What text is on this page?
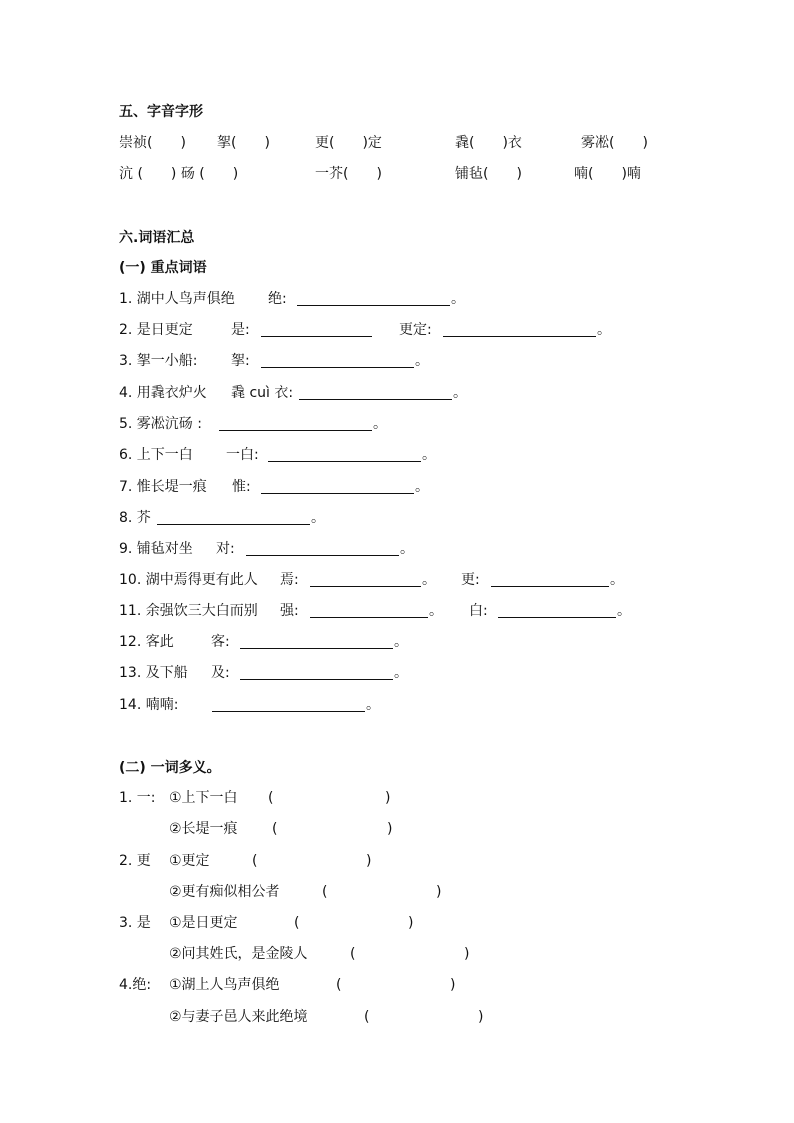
五、字音字形
崇祯(　　) 挐(　　)	更(　　)定	毳(　　)衣	雾凇(　　)
沆 (　　) 砀 (　　)	一芥(　　)	铺毡(　　)	喃(　　)喃
六.词语汇总
(一) 重点词语
1. 湖中人鸟声俱绝 绝:	。
2. 是日更定	是:	更定:	。
3. 挐一小船: 挐:	。
4. 用毳衣炉火 毳 cuì 衣:	。
5. 雾凇沆砀 :	。
6. 上下一白 一白:	。
7. 惟长堤一痕 惟:	。
8. 芥	。
9. 铺毡对坐 对:	。
10. 湖中焉得更有此人 焉:	。 更:	。
11. 余强饮三大白而别 强:	。 白:	。
12. 客此	客:	。
13. 及下船 及:	。
14. 喃喃:	。
(二) 一词多义。
1. 一: ①上下一白 (	)
②长堤一痕 (	)
2. 更 ①更定	(	)
②更有痴似相公者	(	)
3. 是 ①是日更定	(	)
②问其姓氏，是金陵人	(	)
4.绝: ①湖上人鸟声俱绝	(	)
②与妻子邑人来此绝境	(	)
